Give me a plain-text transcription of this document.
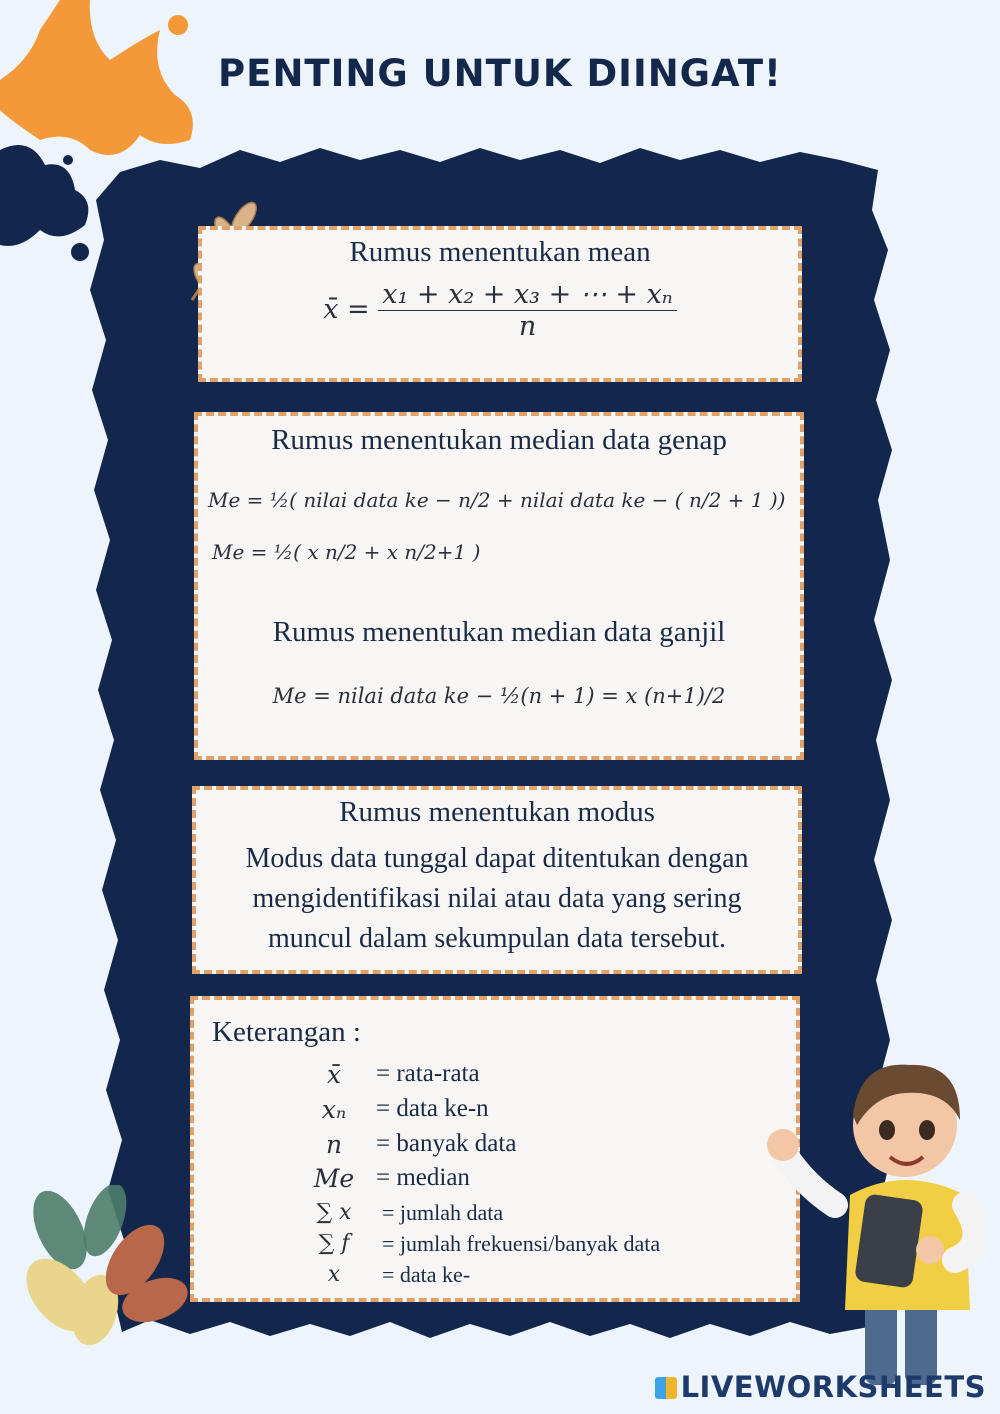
PENTING UNTUK DIINGAT!

Rumus menentukan mean

x̄ = $\frac{\text{x₁ + x₂ + x₃ + ⋯ + xₙ}}{n}$

Rumus menentukan median data genap

Me = ½( nilai data ke − n/2 + nilai data ke − ( n/2 + 1 ))
Me = ½( x n/2 + x n/2+1 )

Rumus menentukan median data ganjil

Me = nilai data ke − ½(n + 1) = x (n+1)/2

Rumus menentukan modus

Modus data tunggal dapat ditentukan dengan

mengidentifikasi nilai atau data yang sering

muncul dalam sekumpulan data tersebut.

Keterangan :

x̄	= rata-rata
xₙ	= data ke-n
n	= banyak data
Me = median
∑ x	= jumlah data
∑ f	= jumlah frekuensi/banyak data
x	= data ke-
LIVEWORKSHEETS
